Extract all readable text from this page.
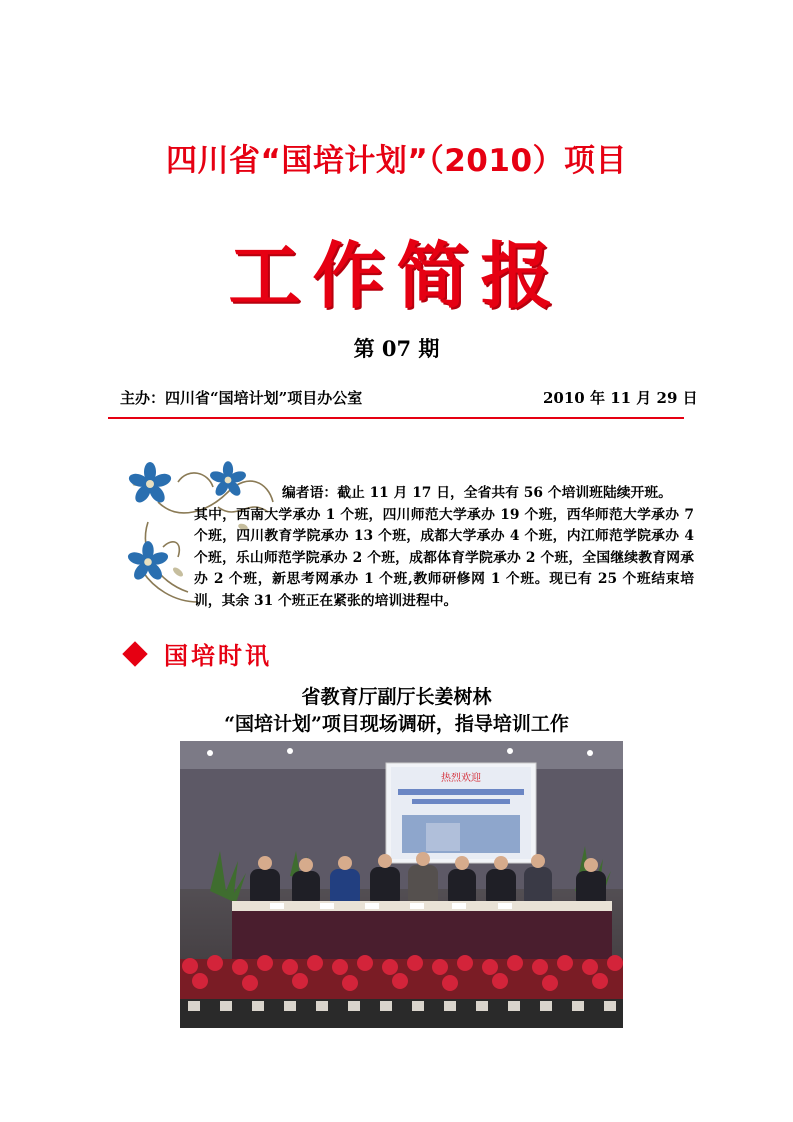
四川省“国培计划”（2010）项目
工作简报
第 07 期
主办：四川省“国培计划”项目办公室	2010 年 11 月 29 日
编者语：截止 11 月 17 日，全省共有 56 个培训班陆续开班。
其中，西南大学承办 1 个班，四川师范大学承办 19 个班，西华师范大学承办 7 个班，四川教育学院承办 13 个班，成都大学承办 4 个班，内江师范学院承办 4 个班，乐山师范学院承办 2 个班，成都体育学院承办 2 个班，全国继续教育网承办 2 个班，新思考网承办 1 个班,教师研修网 1 个班。现已有 25 个班结束培训，其余 31 个班正在紧张的培训进程中。
国培时讯
省教育厅副厅长姜树林
“国培计划”项目现场调研，指导培训工作
热烈欢迎
